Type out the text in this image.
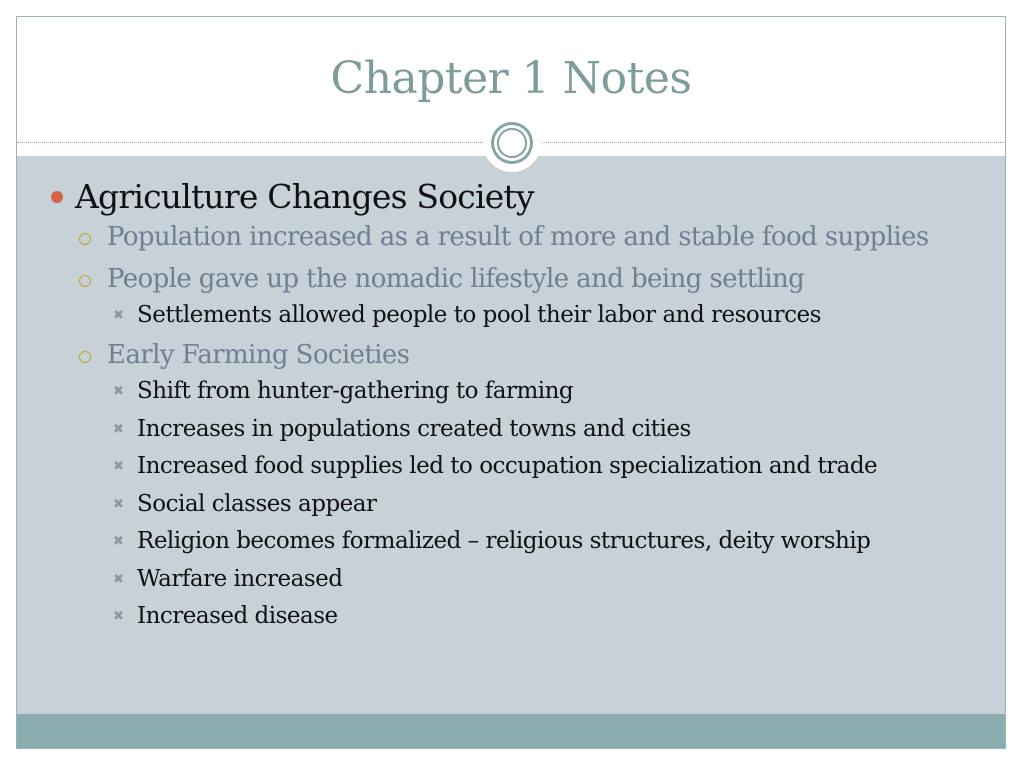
Chapter 1 Notes
Agriculture Changes Society
Population increased as a result of more and stable food supplies
People gave up the nomadic lifestyle and being settling
✖ Settlements allowed people to pool their labor and resources
Early Farming Societies
✖ Shift from hunter-gathering to farming
✖ Increases in populations created towns and cities
✖ Increased food supplies led to occupation specialization and trade
✖ Social classes appear
✖ Religion becomes formalized – religious structures, deity worship
✖ Warfare increased
✖ Increased disease
